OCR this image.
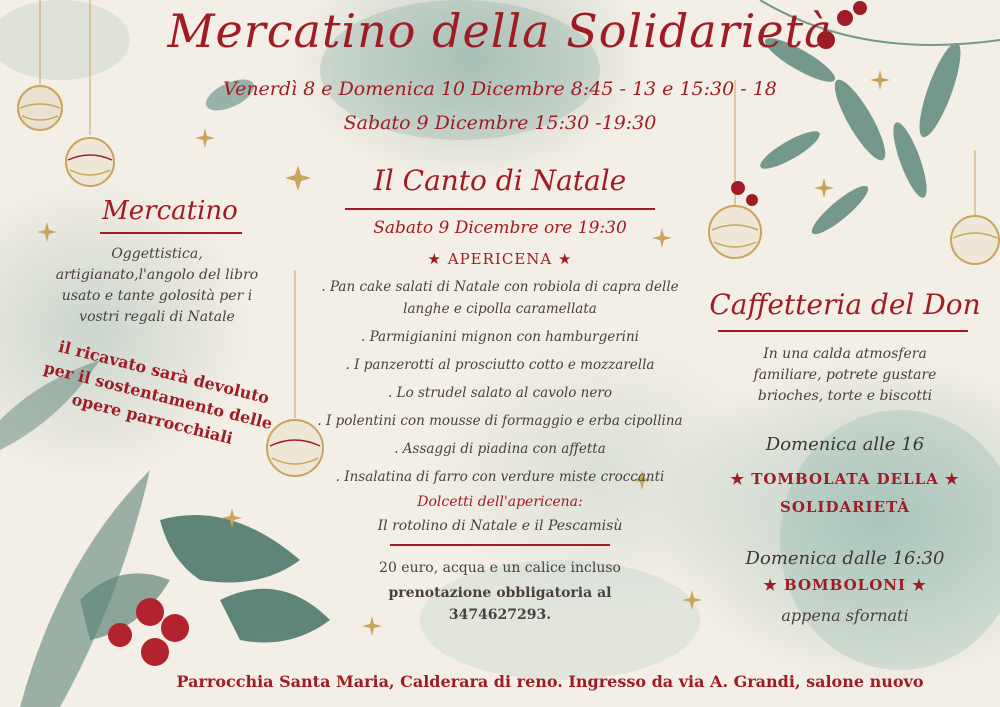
Mercatino della Solidarietà
Venerdì 8 e Domenica 10 Dicembre 8:45 - 13 e 15:30 - 18
Sabato 9 Dicembre 15:30 -19:30
Mercatino
Oggettistica, artigianato,l'angolo del libro usato e tante golosità per i vostri regali di Natale
il ricavato sarà devoluto per il sostentamento delle opere parrocchiali
Il Canto di Natale
Sabato 9 Dicembre ore 19:30
★ APERICENA ★
. Pan cake salati di Natale con robiola di capra delle langhe e cipolla caramellata
. Parmigianini mignon con hamburgerini
. I panzerotti al prosciutto cotto e mozzarella
. Lo strudel salato al cavolo nero
. I polentini con mousse di formaggio e erba cipollina
. Assaggi di piadina con affetta
. Insalatina di farro con verdure miste croccanti
Dolcetti dell'apericena:
Il rotolino di Natale e il Pescamisù
20 euro, acqua e un calice incluso
prenotazione obbligatoria al 3474627293.
Caffetteria del Don
In una calda atmosfera familiare, potrete gustare brioches, torte e biscotti
Domenica alle 16
★ TOMBOLATA DELLA ★
SOLIDARIETÀ
Domenica dalle 16:30
★ BOMBOLONI ★
appena sfornati
Parrocchia Santa Maria, Calderara di reno. Ingresso da via A. Grandi, salone nuovo
